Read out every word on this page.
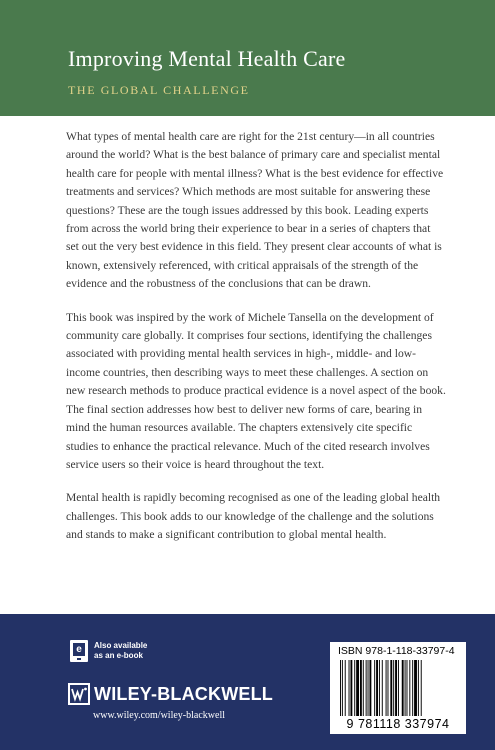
Improving Mental Health Care
THE GLOBAL CHALLENGE

What types of mental health care are right for the 21st century—in all countries around the world? What is the best balance of primary care and specialist mental health care for people with mental illness? What is the best evidence for effective treatments and services? Which methods are most suitable for answering these questions? These are the tough issues addressed by this book. Leading experts from across the world bring their experience to bear in a series of chapters that set out the very best evidence in this field. They present clear accounts of what is known, extensively referenced, with critical appraisals of the strength of the evidence and the robustness of the conclusions that can be drawn.

This book was inspired by the work of Michele Tansella on the development of community care globally. It comprises four sections, identifying the challenges associated with providing mental health services in high-, middle- and low-income countries, then describing ways to meet these challenges. A section on new research methods to produce practical evidence is a novel aspect of the book. The final section addresses how best to deliver new forms of care, bearing in mind the human resources available. The chapters extensively cite specific studies to enhance the practical relevance. Much of the cited research involves service users so their voice is heard throughout the text.

Mental health is rapidly becoming recognised as one of the leading global health challenges. This book adds to our knowledge of the challenge and the solutions and stands to make a significant contribution to global mental health.

e	Also available
as an e-book
WILEY-BLACKWELL
www.wiley.com/wiley-blackwell
ISBN 978-1-118-33797-4
9 781118 337974
